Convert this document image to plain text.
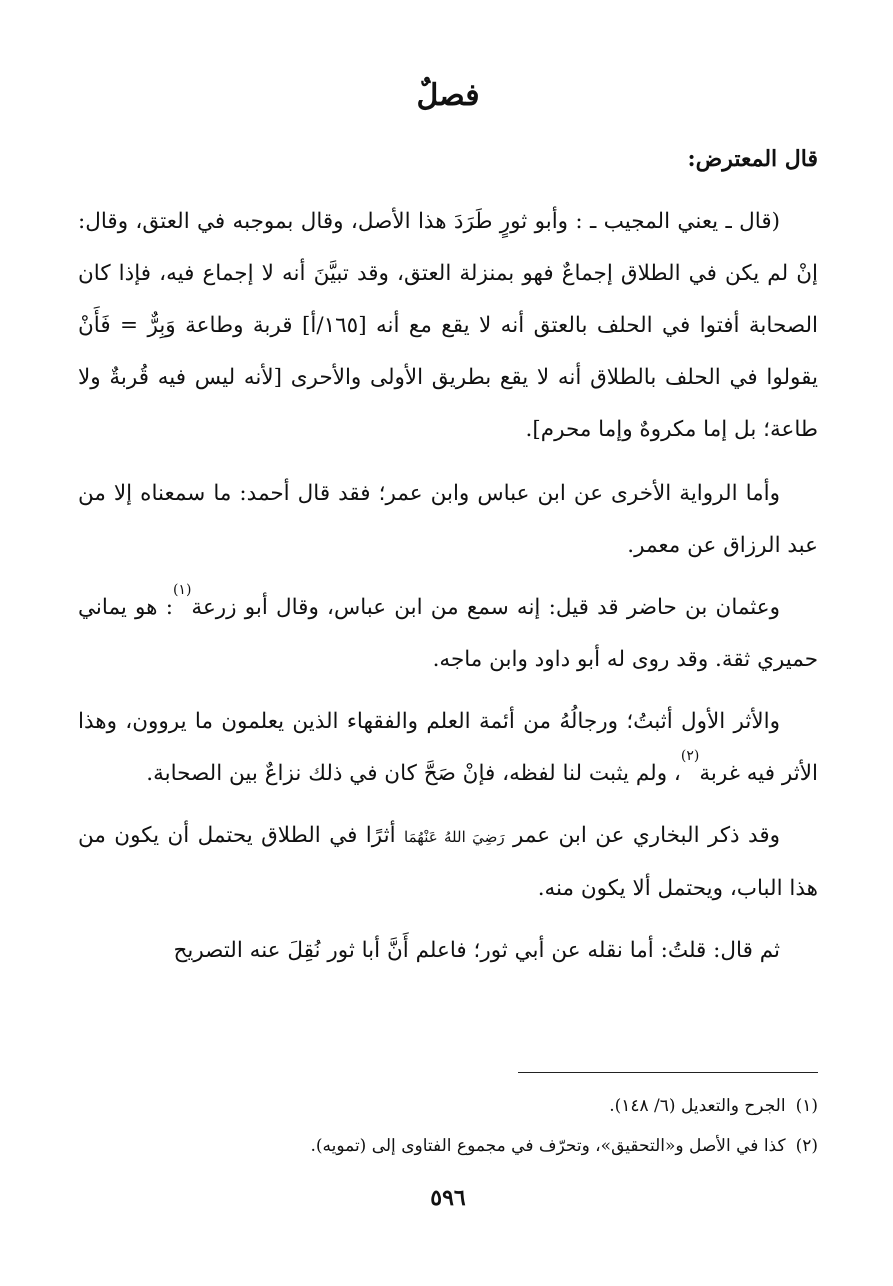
فصلٌ
قال المعترض:

(قال ـ يعني المجيب ـ : وأبو ثورٍ طَرَدَ هذا الأصل، وقال بموجبه في العتق، وقال: إنْ لم يكن في الطلاق إجماعٌ فهو بمنزلة العتق، وقد تبيَّنَ أنه لا إجماع فيه، فإذا كان الصحابة أفتوا في الحلف بالعتق أنه لا يقع مع أنه [١٦٥/أ] قربة وطاعة وَبِرٌّ = فَأَنْ يقولوا في الحلف بالطلاق أنه لا يقع بطريق الأولى والأحرى [لأنه ليس فيه قُربةٌ ولا طاعة؛ بل إما مكروهٌ وإما محرم].

وأما الرواية الأخرى عن ابن عباس وابن عمر؛ فقد قال أحمد: ما سمعناه إلا من عبد الرزاق عن معمر.

وعثمان بن حاضر قد قيل: إنه سمع من ابن عباس، وقال أبو زرعة$^{(١)}$: هو يماني حميري ثقة. وقد روى له أبو داود وابن ماجه.

والأثر الأول أثبتُ؛ ورجالُهُ من أئمة العلم والفقهاء الذين يعلمون ما يروون، وهذا الأثر فيه غربة$^{(٢)}$، ولم يثبت لنا لفظه، فإنْ صَحَّ كان في ذلك نزاعٌ بين الصحابة.

وقد ذكر البخاري عن ابن عمر رَضِيَ اللهُ عَنْهُمَا أثرًا في الطلاق يحتمل أن يكون من هذا الباب، ويحتمل ألا يكون منه.

ثم قال: قلتُ: أما نقله عن أبي ثور؛ فاعلم أَنَّ أبا ثور نُقِلَ عنه التصريح

(١)الجرح والتعديل (٦/ ١٤٨).
(٢)كذا في الأصل و«التحقيق»، وتحرّف في مجموع الفتاوى إلى (تمويه).
٥٩٦
